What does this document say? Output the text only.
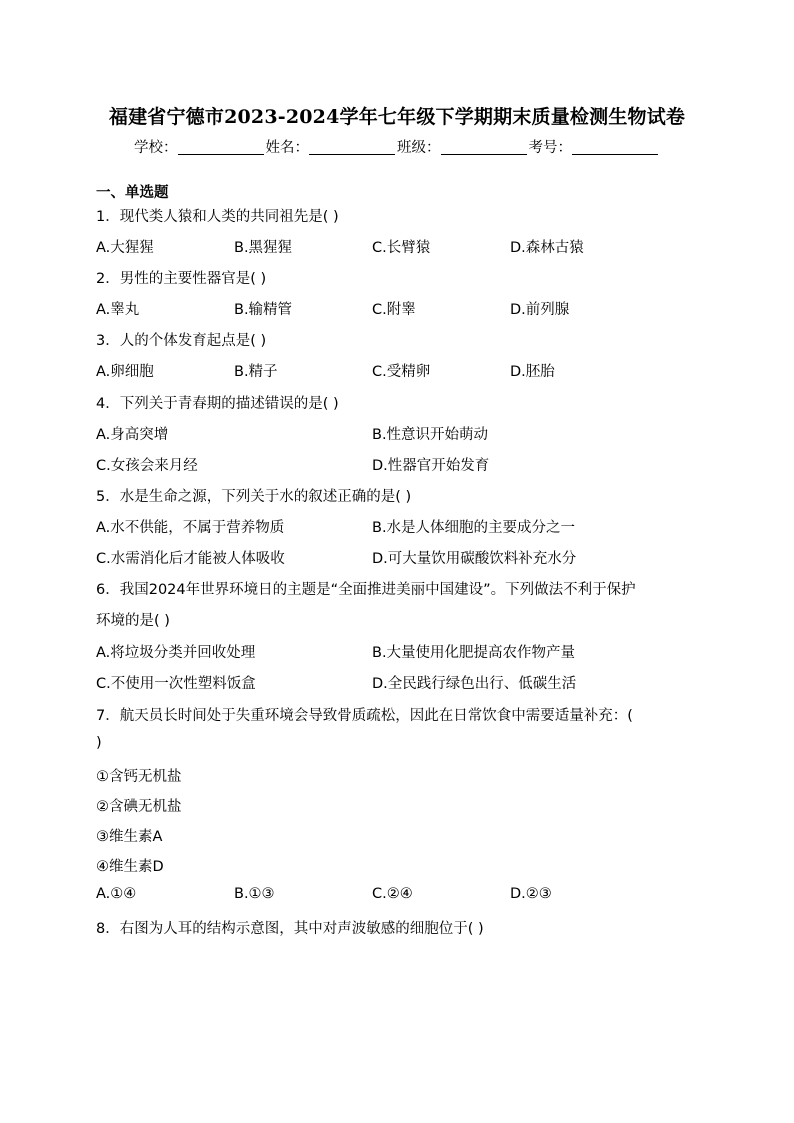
福建省宁德市2023-2024学年七年级下学期期末质量检测生物试卷
学校：	姓名：	班级：	考号：
一、单选题
1．现代类人猿和人类的共同祖先是( )
A.大猩猩	B.黑猩猩	C.长臂猿	D.森林古猿
2．男性的主要性器官是( )
A.睾丸	B.输精管	C.附睾	D.前列腺
3．人的个体发育起点是( )
A.卵细胞	B.精子	C.受精卵	D.胚胎
4．下列关于青春期的描述错误的是( )
A.身高突增	B.性意识开始萌动
C.女孩会来月经	D.性器官开始发育
5．水是生命之源，下列关于水的叙述正确的是( )
A.水不供能，不属于营养物质	B.水是人体细胞的主要成分之一
C.水需消化后才能被人体吸收	D.可大量饮用碳酸饮料补充水分
6．我国2024年世界环境日的主题是“全面推进美丽中国建设”。下列做法不利于保护
环境的是( )
A.将垃圾分类并回收处理	B.大量使用化肥提高农作物产量
C.不使用一次性塑料饭盒	D.全民践行绿色出行、低碳生活
7．航天员长时间处于失重环境会导致骨质疏松，因此在日常饮食中需要适量补充：(
)
①含钙无机盐
②含碘无机盐
③维生素A
④维生素D
A.①④	B.①③	C.②④	D.②③
8．右图为人耳的结构示意图，其中对声波敏感的细胞位于( )
